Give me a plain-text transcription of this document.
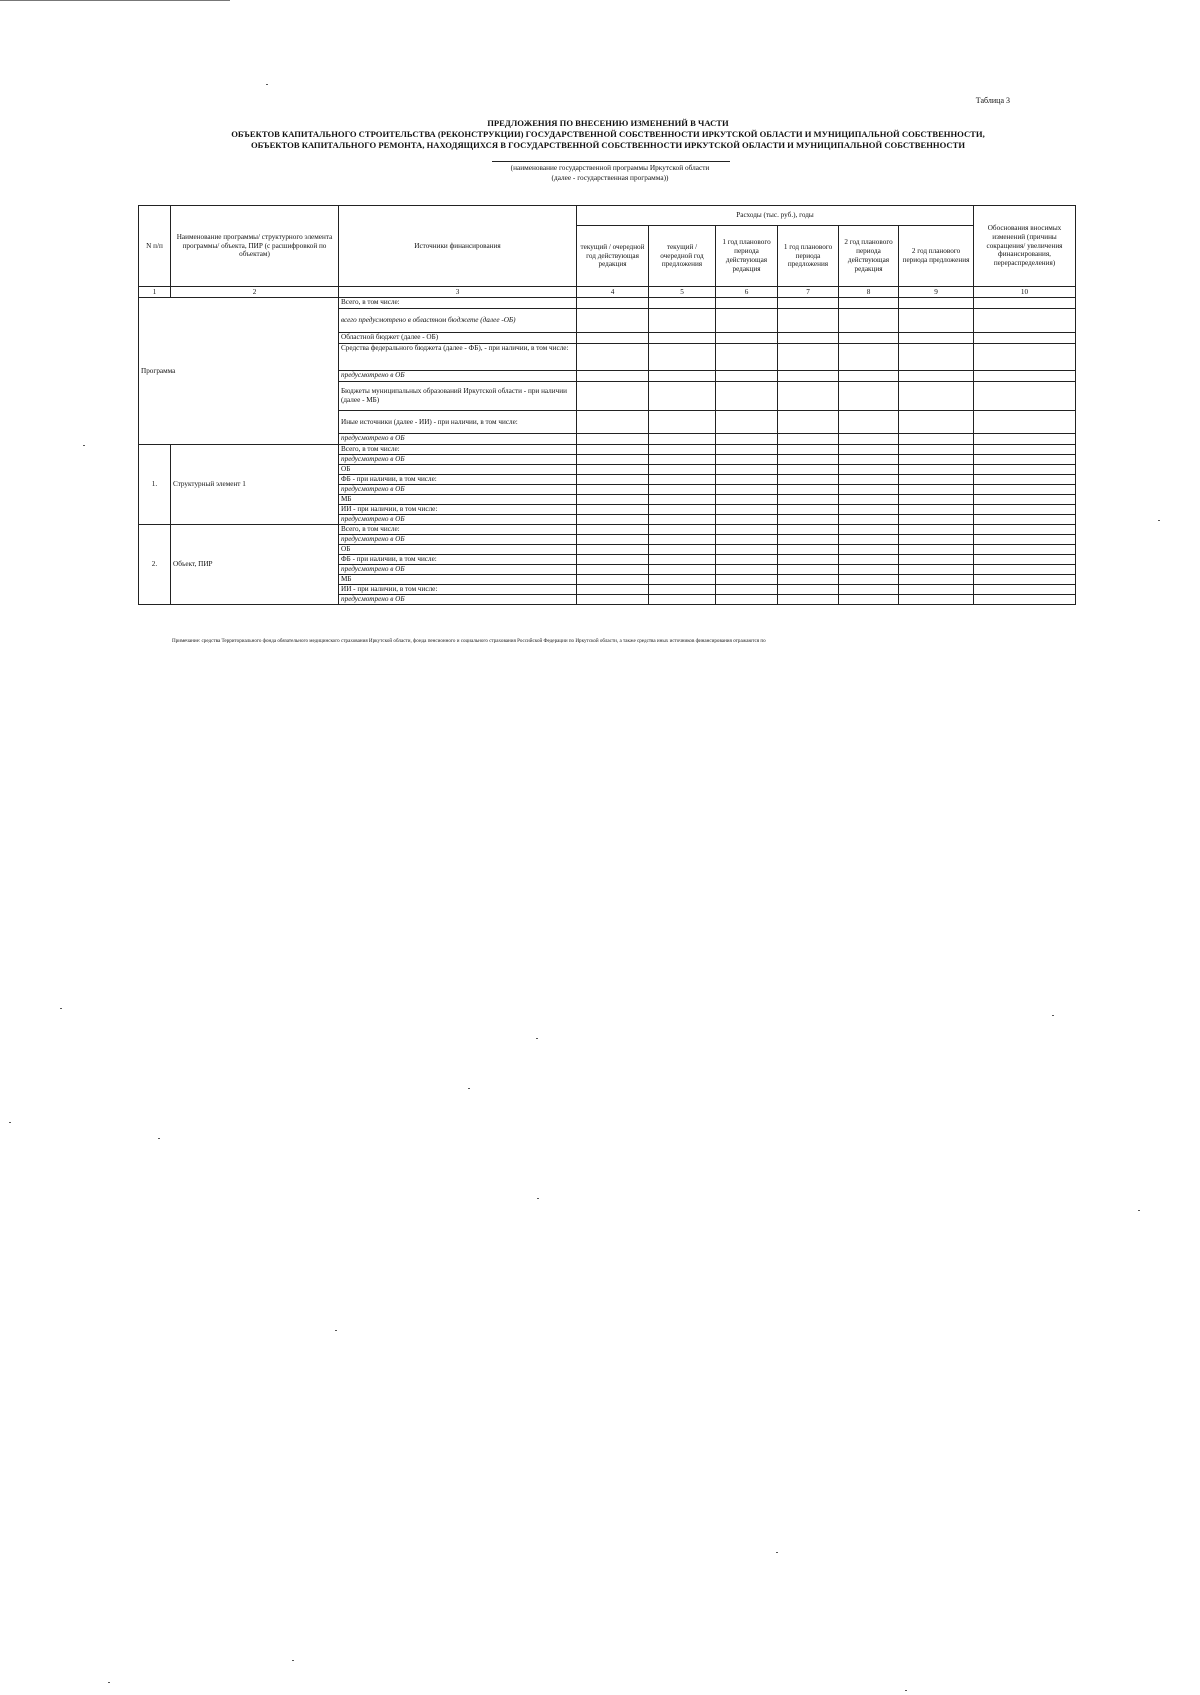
Таблица 3
ПРЕДЛОЖЕНИЯ ПО ВНЕСЕНИЮ ИЗМЕНЕНИЙ В ЧАСТИ
ОБЪЕКТОВ КАПИТАЛЬНОГО СТРОИТЕЛЬСТВА (РЕКОНСТРУКЦИИ) ГОСУДАРСТВЕННОЙ СОБСТВЕННОСТИ ИРКУТСКОЙ ОБЛАСТИ И МУНИЦИПАЛЬНОЙ СОБСТВЕННОСТИ,
ОБЪЕКТОВ КАПИТАЛЬНОГО РЕМОНТА, НАХОДЯЩИХСЯ В ГОСУДАРСТВЕННОЙ СОБСТВЕННОСТИ ИРКУТСКОЙ ОБЛАСТИ И МУНИЦИПАЛЬНОЙ СОБСТВЕННОСТИ
(наименование государственной программы Иркутской области
(далее - государственная программа))
N п/п	Наименование программы/ структурного элемента программы/ объекта, ПИР (с расшифровкой по объектам)	Источники финансирования	Расходы (тыс. руб.), годы						Обоснования вносимых изменений (причины сокращения/ увеличения финансирования, перераспределения)
			текущий / очередной год действующая редакция	текущий / очередной год предложения	1 год планового периода действующая редакция	1 год планового периода предложения	2 год планового периода действующая редакция	2 год планового периода предложения	
1	2	3	4	5	6	7	8	9	10
Программа		Всего, в том числе:							
		всего предусмотрено в областном бюджете (далее -ОБ)							
		Областной бюджет (далее - ОБ)							
		Средства федерального бюджета (далее - ФБ), - при наличии, в том числе:							
		предусмотрено в ОБ							
		Бюджеты муниципальных образований Иркутской области - при наличии (далее - МБ)							
		Иные источники (далее - ИИ) - при наличии, в том числе:							
		предусмотрено в ОБ							
1.	Структурный элемент 1	Всего, в том числе:							
		предусмотрено в ОБ							
		ОБ							
		ФБ - при наличии, в том числе:							
		предусмотрено в ОБ							
		МБ							
		ИИ - при наличии, в том числе:							
		предусмотрено в ОБ							
2.	Объект, ПИР	Всего, в том числе:							
		предусмотрено в ОБ							
		ОБ							
		ФБ - при наличии, в том числе:							
		предусмотрено в ОБ							
		МБ							
		ИИ - при наличии, в том числе:							
		предусмотрено в ОБ							
Примечание: средства Территориального фонда обязательного медицинского страхования Иркутской области, фонда пенсионного и социального страхования Российской Федерации по Иркутской области, а также средства иных источников финансирования отражаются по
